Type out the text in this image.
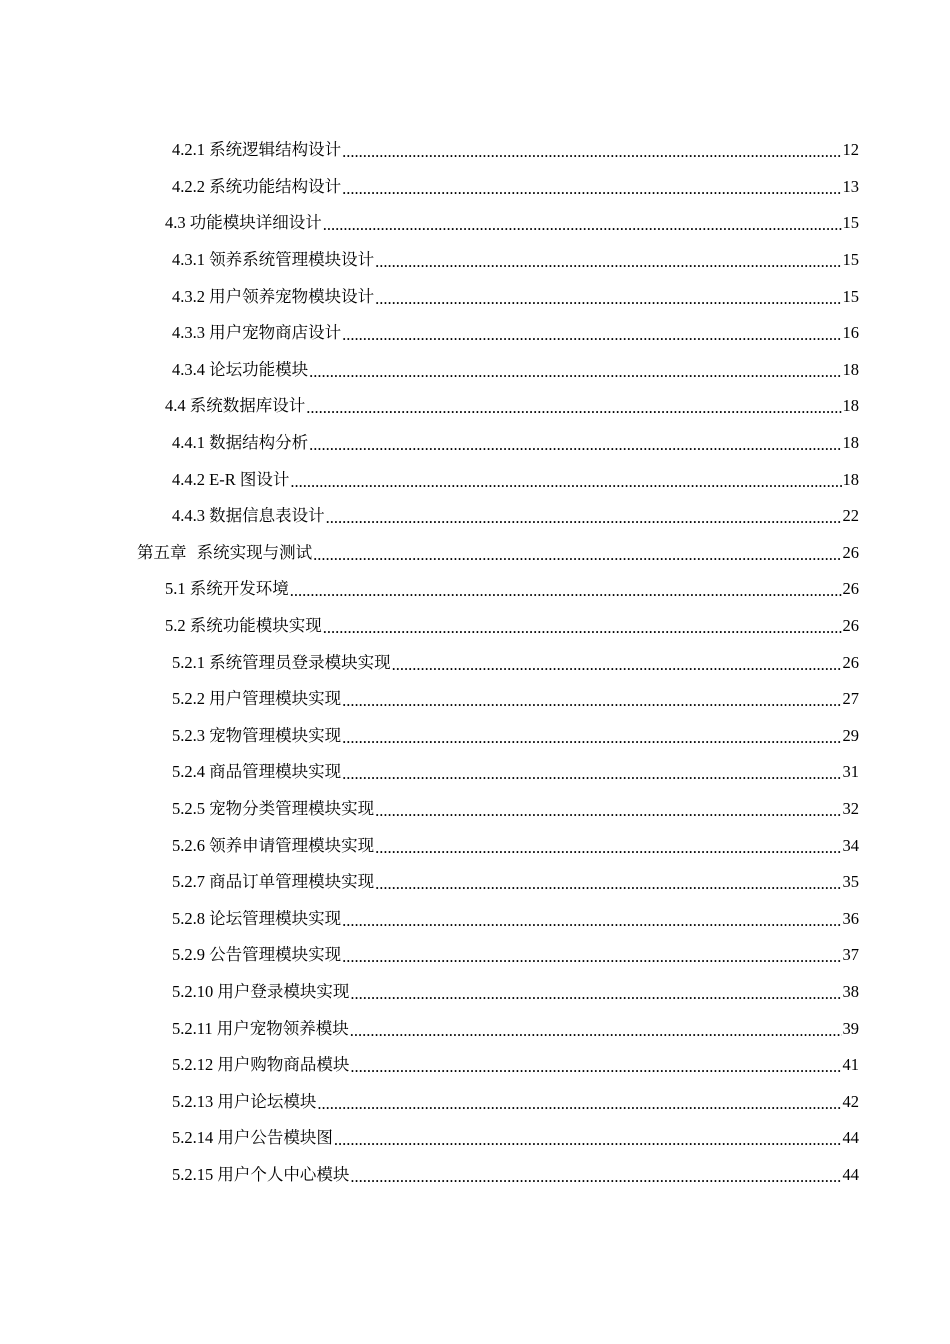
4.2.1 系统逻辑结构设计 .....	12
4.2.2 系统功能结构设计 .....	13
4.3 功能模块详细设计 .....	15
4.3.1 领养系统管理模块设计 .....	15
4.3.2 用户领养宠物模块设计 .....	15
4.3.3 用户宠物商店设计 .....	16
4.3.4 论坛功能模块 .....	18
4.4 系统数据库设计 .....	18
4.4.1 数据结构分析 .....	18
4.4.2 E-R 图设计 .....	18
4.4.3 数据信息表设计 .....	22
第五章 系统实现与测试 .....	26
5.1 系统开发环境 .....	26
5.2 系统功能模块实现 .....	26
5.2.1 系统管理员登录模块实现 .....	26
5.2.2 用户管理模块实现 .....	27
5.2.3 宠物管理模块实现 .....	29
5.2.4 商品管理模块实现 .....	31
5.2.5 宠物分类管理模块实现 .....	32
5.2.6 领养申请管理模块实现 .....	34
5.2.7 商品订单管理模块实现 .....	35
5.2.8 论坛管理模块实现 .....	36
5.2.9 公告管理模块实现 .....	37
5.2.10 用户登录模块实现 .....	38
5.2.11 用户宠物领养模块 .....	39
5.2.12 用户购物商品模块 .....	41
5.2.13 用户论坛模块 .....	42
5.2.14 用户公告模块图 .....	44
5.2.15 用户个人中心模块 .....	44
